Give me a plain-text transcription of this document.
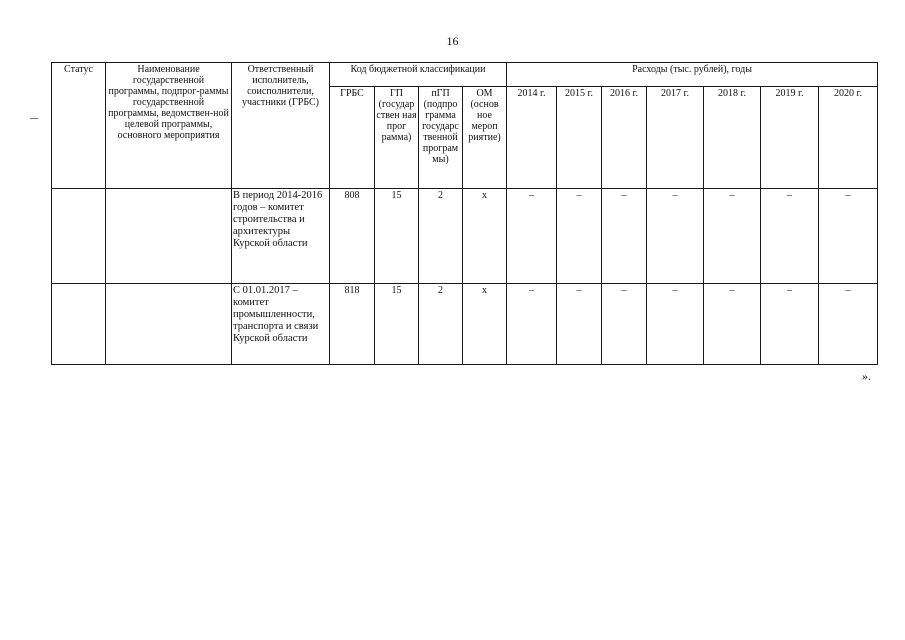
16
Статус	Наименование государственной программы, подпрог-раммы государственной программы, ведомствен-ной целевой программы, основного мероприятия	Ответственный исполнитель, соисполнители, участники (ГРБС)	Код бюджетной классификации				Расходы (тыс. рублей), годы						
			ГРБС	ГП (государ ствен ная прог рамма)	пГП (подпро грамма государс твенной програм мы)	ОМ (основ ное мероп риятие)	2014 г.	2015 г.	2016 г.	2017 г.	2018 г.	2019 г.	2020 г.
		В период 2014-2016 годов – комитет строительства и архитектуры Курской области	808	15	2	х	–	–	–	–	–	–	–
		С 01.01.2017 – комитет промышленности, транспорта и связи Курской области	818	15	2	х	–	–	–	–	–	–	–
».
